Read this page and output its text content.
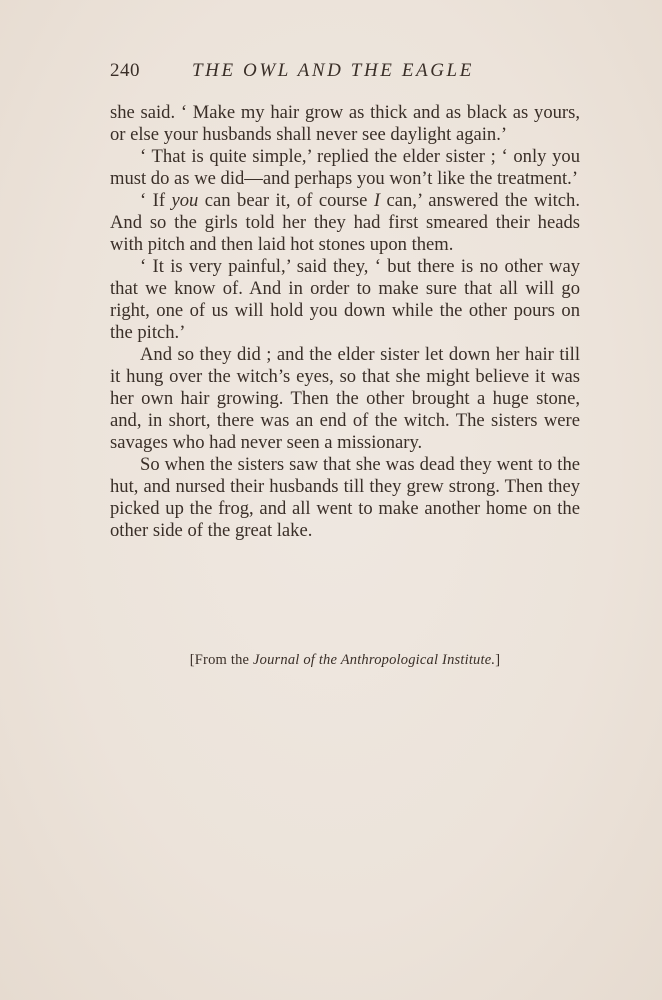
240	THE OWL AND THE EAGLE

she said. ‘ Make my hair grow as thick and as black as yours, or else your husbands shall never see daylight again.’

‘ That is quite simple,’ replied the elder sister ; ‘ only you must do as we did—and perhaps you won’t like the treatment.’

‘ If you can bear it, of course I can,’ answered the witch. And so the girls told her they had first smeared their heads with pitch and then laid hot stones upon them.

‘ It is very painful,’ said they, ‘ but there is no other way that we know of. And in order to make sure that all will go right, one of us will hold you down while the other pours on the pitch.’

And so they did ; and the elder sister let down her hair till it hung over the witch’s eyes, so that she might believe it was her own hair growing. Then the other brought a huge stone, and, in short, there was an end of the witch. The sisters were savages who had never seen a missionary.

So when the sisters saw that she was dead they went to the hut, and nursed their husbands till they grew strong. Then they picked up the frog, and all went to make another home on the other side of the great lake.

[From the Journal of the Anthropological Institute.]
